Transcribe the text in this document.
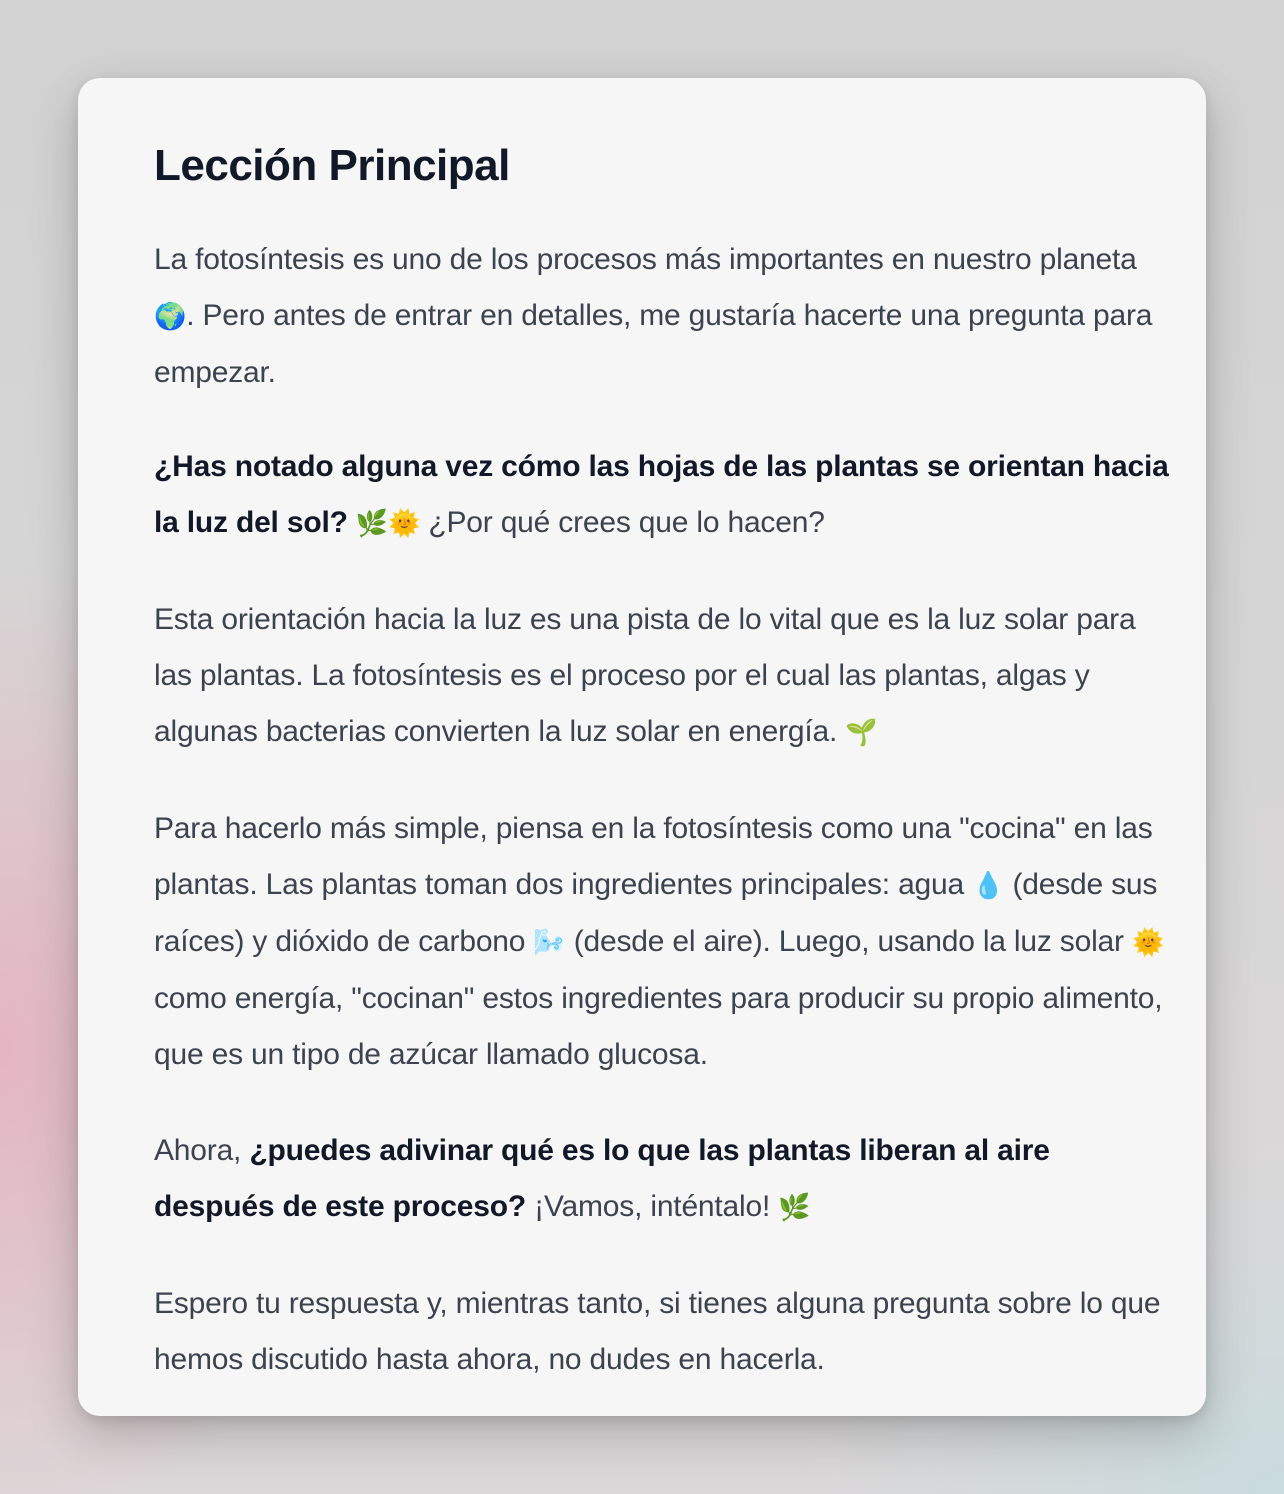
Lección Principal

La fotosíntesis es uno de los procesos más importantes en nuestro planeta 🌍. Pero antes de entrar en detalles, me gustaría hacerte una pregunta para empezar.

¿Has notado alguna vez cómo las hojas de las plantas se orientan hacia la luz del sol? 🌿🌞 ¿Por qué crees que lo hacen?

Esta orientación hacia la luz es una pista de lo vital que es la luz solar para las plantas. La fotosíntesis es el proceso por el cual las plantas, algas y algunas bacterias convierten la luz solar en energía. 🌱

Para hacerlo más simple, piensa en la fotosíntesis como una "cocina" en las plantas. Las plantas toman dos ingredientes principales: agua 💧 (desde sus raíces) y dióxido de carbono 🌬️ (desde el aire). Luego, usando la luz solar 🌞 como energía, "cocinan" estos ingredientes para producir su propio alimento, que es un tipo de azúcar llamado glucosa.

Ahora, ¿puedes adivinar qué es lo que las plantas liberan al aire después de este proceso? ¡Vamos, inténtalo! 🌿

Espero tu respuesta y, mientras tanto, si tienes alguna pregunta sobre lo que hemos discutido hasta ahora, no dudes en hacerla.
